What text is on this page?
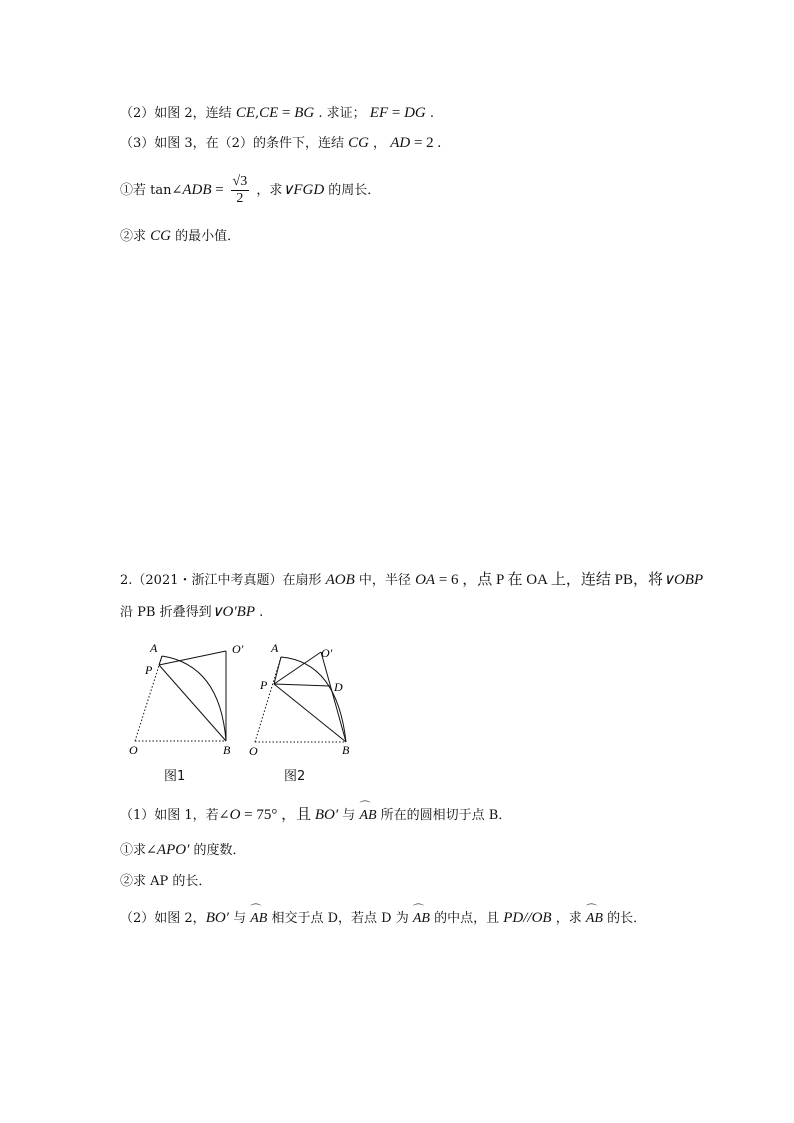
（2）如图 2，连结 CE,CE = BG . 求证； EF = DG .
（3）如图 3，在（2）的条件下，连结 CG ， AD = 2 .
①若 tan∠ADB = $\frac{√3}{2}$ ，求∨FGD 的周长．
②求 CG 的最小值．
2.（2021・浙江中考真题）在扇形 AOB 中，半径 OA = 6 ，点 P 在 OA 上，连结 PB，将∨OBP
沿 PB 折叠得到∨O′BP .
A	O′
P
O	B
图1
A	O′
P	D
O	B
图2
（1）如图 1，若∠O = 75° ，且 BO′ 与 ⌒ AB 所在的圆相切于点 B．
①求∠APO′ 的度数．
②求 AP 的长．
（2）如图 2，BO′ 与 ⌒ AB 相交于点 D，若点 D 为 ⌒ AB 的中点，且 PD//OB ，求 ⌒ AB 的长．
